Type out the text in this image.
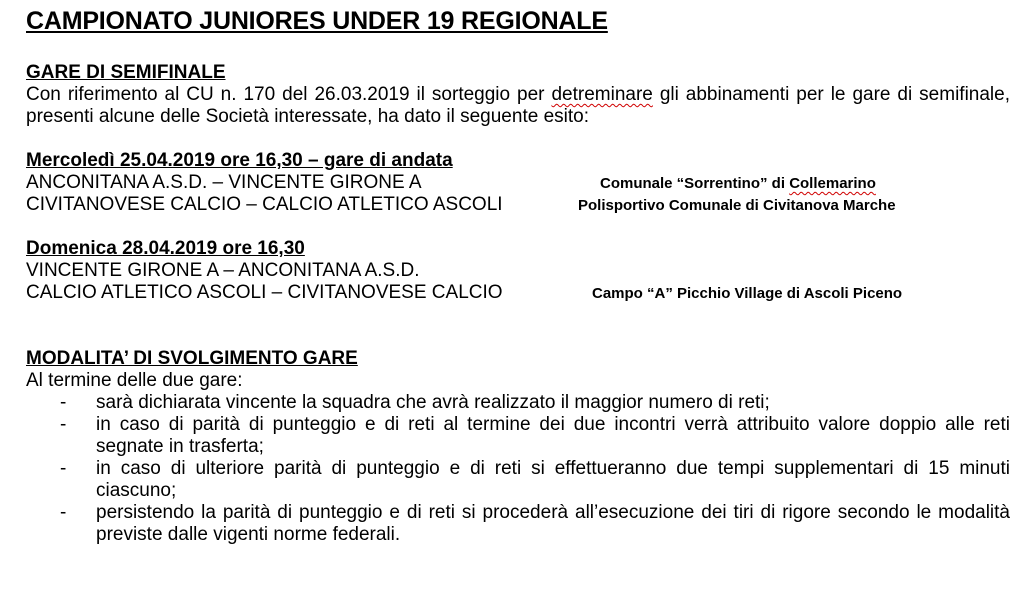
CAMPIONATO JUNIORES UNDER 19 REGIONALE
GARE DI SEMIFINALE

Con riferimento al CU n. 170 del 26.03.2019 il sorteggio per detreminare gli abbinamenti per le gare di semifinale, presenti alcune delle Società interessate, ha dato il seguente esito:

Mercoledì 25.04.2019 ore 16,30 – gare di andata
ANCONITANA A.S.D. – VINCENTE GIRONE A	Comunale “Sorrentino” di Collemarino
CIVITANOVESE CALCIO – CALCIO ATLETICO ASCOLI	Polisportivo Comunale di Civitanova Marche
Domenica 28.04.2019 ore 16,30
VINCENTE GIRONE A – ANCONITANA A.S.D.
CALCIO ATLETICO ASCOLI – CIVITANOVESE CALCIO	Campo “A” Picchio Village di Ascoli Piceno
MODALITA’ DI SVOLGIMENTO GARE

Al termine delle due gare:

-	sarà dichiarata vincente la squadra che avrà realizzato il maggior numero di reti;
-	in caso di parità di punteggio e di reti al termine dei due incontri verrà attribuito valore doppio alle reti segnate in trasferta;
-	in caso di ulteriore parità di punteggio e di reti si effettueranno due tempi supplementari di 15 minuti ciascuno;
-	persistendo la parità di punteggio e di reti si procederà all’esecuzione dei tiri di rigore secondo le modalità previste dalle vigenti norme federali.
